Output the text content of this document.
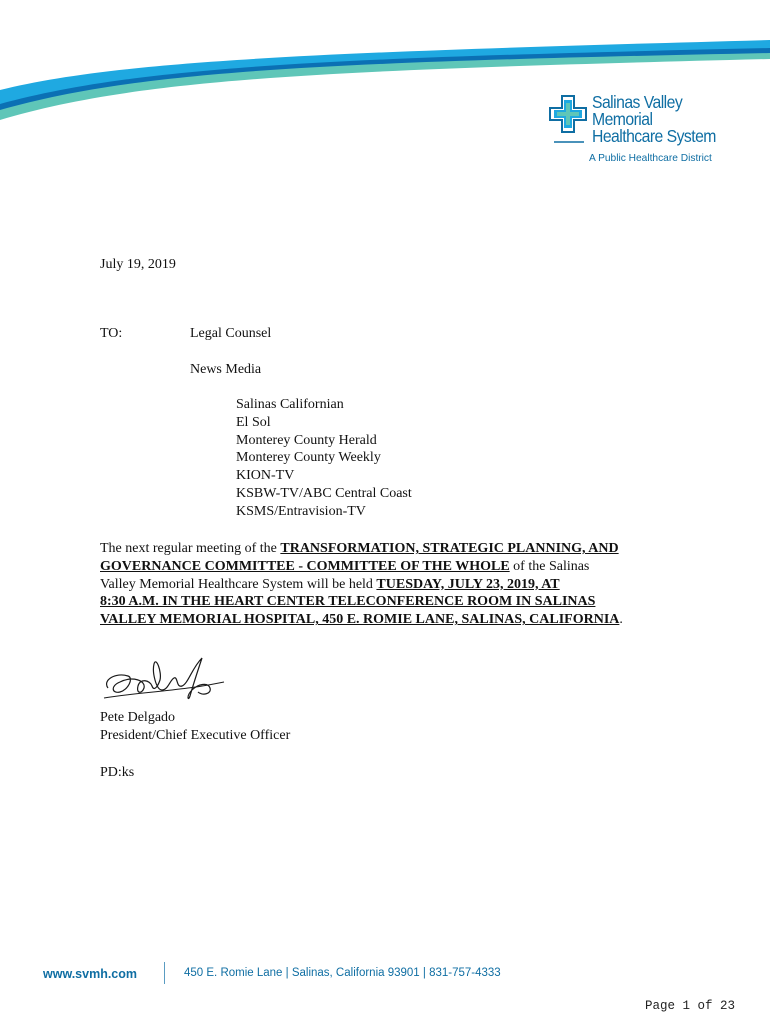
Salinas Valley
Memorial
Healthcare System
A Public Healthcare District
July 19, 2019
TO:	Legal Counsel
News Media
Salinas Californian
El Sol
Monterey County Herald
Monterey County Weekly
KION-TV
KSBW-TV/ABC Central Coast
KSMS/Entravision-TV
The next regular meeting of the TRANSFORMATION, STRATEGIC PLANNING, AND
GOVERNANCE COMMITTEE - COMMITTEE OF THE WHOLE of the Salinas
Valley Memorial Healthcare System will be held TUESDAY, JULY 23, 2019, AT
8:30 A.M. IN THE HEART CENTER TELECONFERENCE ROOM IN SALINAS
VALLEY MEMORIAL HOSPITAL, 450 E. ROMIE LANE, SALINAS, CALIFORNIA.
Pete Delgado
President/Chief Executive Officer
PD:ks
www.svmh.com	450 E. Romie Lane | Salinas, California 93901 | 831-757-4333
Page 1 of 23
